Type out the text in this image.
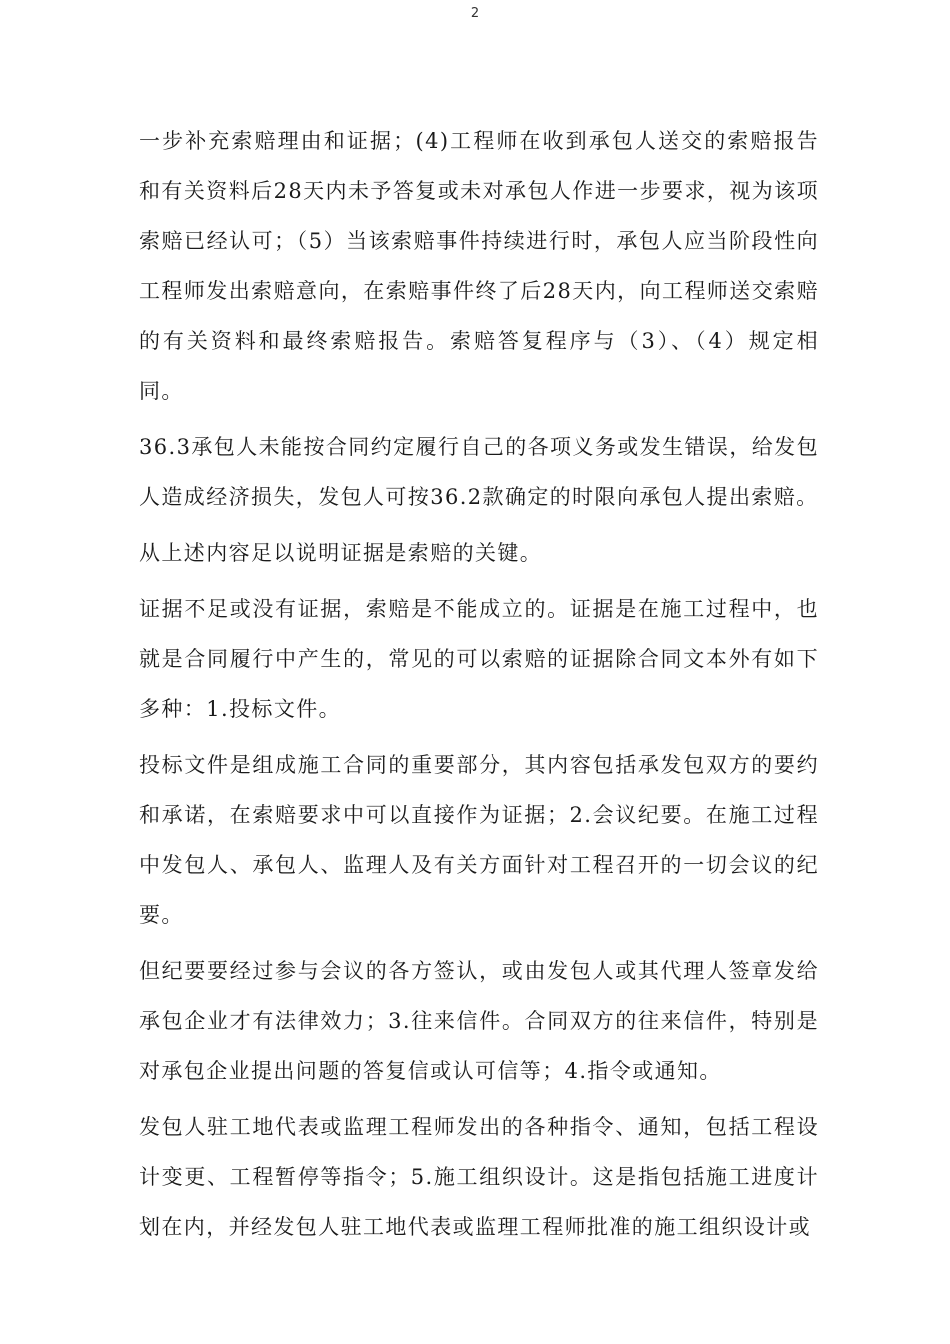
2

一步补充索赔理由和证据；(4)工程师在收到承包人送交的索赔报告和有关资料后28天内未予答复或未对承包人作进一步要求，视为该项索赔已经认可；（5）当该索赔事件持续进行时，承包人应当阶段性向工程师发出索赔意向，在索赔事件终了后28天内，向工程师送交索赔的有关资料和最终索赔报告。索赔答复程序与（3）、（4）规定相同。

36.3承包人未能按合同约定履行自己的各项义务或发生错误，给发包人造成经济损失，发包人可按36.2款确定的时限向承包人提出索赔。

从上述内容足以说明证据是索赔的关键。

证据不足或没有证据，索赔是不能成立的。证据是在施工过程中，也就是合同履行中产生的，常见的可以索赔的证据除合同文本外有如下多种：1.投标文件。

投标文件是组成施工合同的重要部分，其内容包括承发包双方的要约和承诺，在索赔要求中可以直接作为证据；2.会议纪要。在施工过程中发包人、承包人、监理人及有关方面针对工程召开的一切会议的纪要。

但纪要要经过参与会议的各方签认，或由发包人或其代理人签章发给承包企业才有法律效力；3.往来信件。合同双方的往来信件，特别是对承包企业提出问题的答复信或认可信等；4.指令或通知。

发包人驻工地代表或监理工程师发出的各种指令、通知，包括工程设计变更、工程暂停等指令；5.施工组织设计。这是指包括施工进度计划在内，并经发包人驻工地代表或监理工程师批准的施工组织设计或
